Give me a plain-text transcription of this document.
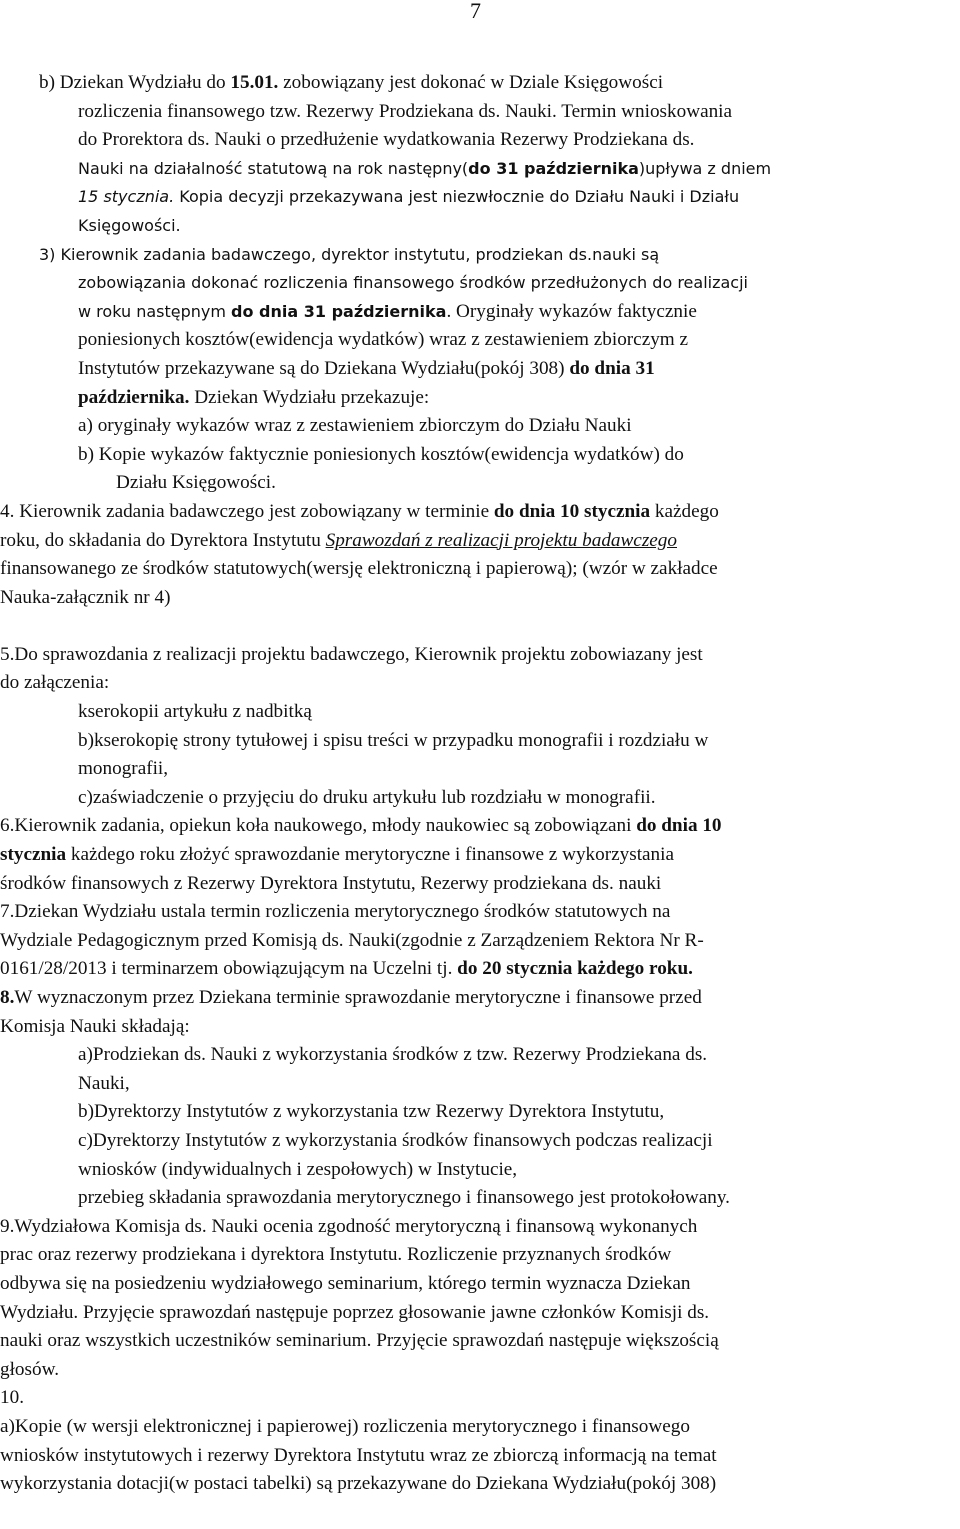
7

b) Dziekan Wydziału do 15.01. zobowiązany jest dokonać w Dziale Księgowości

rozliczenia finansowego tzw. Rezerwy Prodziekana ds. Nauki. Termin wnioskowania

do Prorektora ds. Nauki o przedłużenie wydatkowania Rezerwy Prodziekana ds.

Nauki na działalność statutową na rok następny(do 31 października)upływa z dniem

15 stycznia. Kopia decyzji przekazywana jest niezwłocznie do Działu Nauki i Działu

Księgowości.

3) Kierownik zadania badawczego, dyrektor instytutu, prodziekan ds.nauki są

zobowiązania dokonać rozliczenia finansowego środków przedłużonych do realizacji

w roku następnym do dnia 31 października. Oryginały wykazów faktycznie

poniesionych kosztów(ewidencja wydatków) wraz z zestawieniem zbiorczym z

Instytutów przekazywane są do Dziekana Wydziału(pokój 308) do dnia 31

października. Dziekan Wydziału przekazuje:

a) oryginały wykazów wraz z zestawieniem zbiorczym do Działu Nauki

b) Kopie wykazów faktycznie poniesionych kosztów(ewidencja wydatków) do

Działu Księgowości.

4. Kierownik zadania badawczego jest zobowiązany w terminie do dnia 10 stycznia każdego

roku, do składania do Dyrektora Instytutu Sprawozdań z realizacji projektu badawczego

finansowanego ze środków statutowych(wersję elektroniczną i papierową); (wzór w zakładce

Nauka-załącznik nr 4)

5.Do sprawozdania z realizacji projektu badawczego, Kierownik projektu zobowiazany jest

do załączenia:

kserokopii artykułu z nadbitką

b)kserokopię strony tytułowej i spisu treści w przypadku monografii i rozdziału w

monografii,

c)zaświadczenie o przyjęciu do druku artykułu lub rozdziału w monografii.

6.Kierownik zadania, opiekun koła naukowego, młody naukowiec są zobowiązani do dnia 10

stycznia każdego roku złożyć sprawozdanie merytoryczne i finansowe z wykorzystania

środków finansowych z Rezerwy Dyrektora Instytutu, Rezerwy prodziekana ds. nauki

7.Dziekan Wydziału ustala termin rozliczenia merytorycznego środków statutowych na

Wydziale Pedagogicznym przed Komisją ds. Nauki(zgodnie z Zarządzeniem Rektora Nr R-

0161/28/2013 i terminarzem obowiązującym na Uczelni tj. do 20 stycznia każdego roku.

8.W wyznaczonym przez Dziekana terminie sprawozdanie merytoryczne i finansowe przed

Komisja Nauki składają:

a)Prodziekan ds. Nauki z wykorzystania środków z tzw. Rezerwy Prodziekana ds.

Nauki,

b)Dyrektorzy Instytutów z wykorzystania tzw Rezerwy Dyrektora Instytutu,

c)Dyrektorzy Instytutów z wykorzystania środków finansowych podczas realizacji

wniosków (indywidualnych i zespołowych) w Instytucie,

przebieg składania sprawozdania merytorycznego i finansowego jest protokołowany.

9.Wydziałowa Komisja ds. Nauki ocenia zgodność merytoryczną i finansową wykonanych

prac oraz rezerwy prodziekana i dyrektora Instytutu. Rozliczenie przyznanych środków

odbywa się na posiedzeniu wydziałowego seminarium, którego termin wyznacza Dziekan

Wydziału. Przyjęcie sprawozdań następuje poprzez głosowanie jawne członków Komisji ds.

nauki oraz wszystkich uczestników seminarium. Przyjęcie sprawozdań następuje większością

głosów.

10.

a)Kopie (w wersji elektronicznej i papierowej) rozliczenia merytorycznego i finansowego

wniosków instytutowych i rezerwy Dyrektora Instytutu wraz ze zbiorczą informacją na temat

wykorzystania dotacji(w postaci tabelki) są przekazywane do Dziekana Wydziału(pokój 308)
